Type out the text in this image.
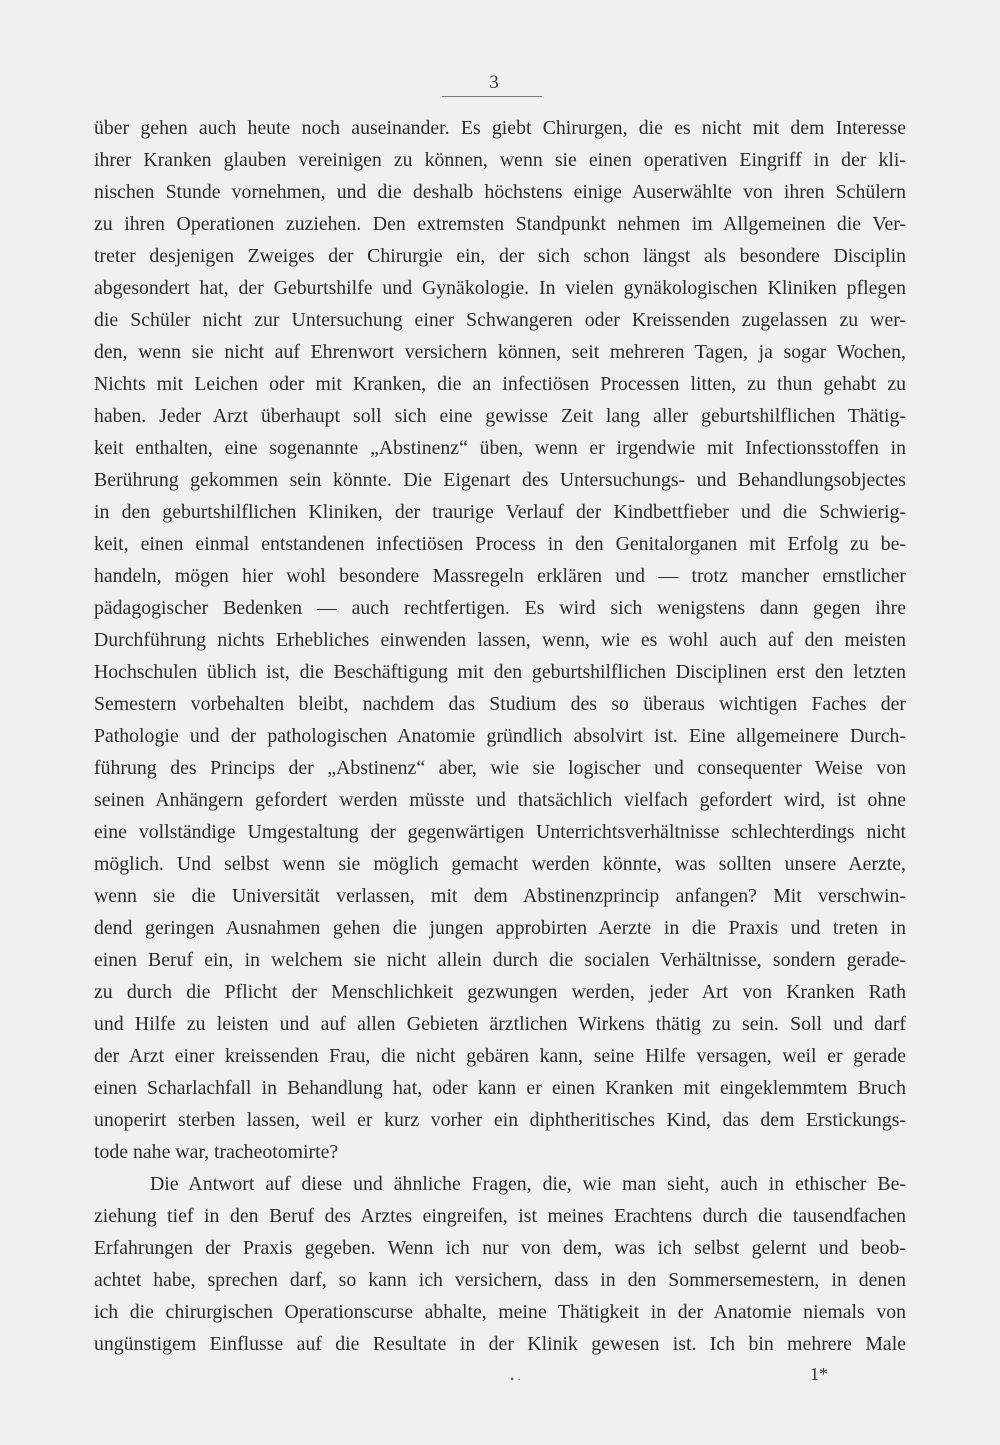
3
über gehen auch heute noch auseinander. Es giebt Chirurgen, die es nicht mit dem Interesse
ihrer Kranken glauben vereinigen zu können, wenn sie einen operativen Eingriff in der kli-
nischen Stunde vornehmen, und die deshalb höchstens einige Auserwählte von ihren Schülern
zu ihren Operationen zuziehen. Den extremsten Standpunkt nehmen im Allgemeinen die Ver-
treter desjenigen Zweiges der Chirurgie ein, der sich schon längst als besondere Disciplin
abgesondert hat, der Geburtshilfe und Gynäkologie. In vielen gynäkologischen Kliniken pflegen
die Schüler nicht zur Untersuchung einer Schwangeren oder Kreissenden zugelassen zu wer-
den, wenn sie nicht auf Ehrenwort versichern können, seit mehreren Tagen, ja sogar Wochen,
Nichts mit Leichen oder mit Kranken, die an infectiösen Processen litten, zu thun gehabt zu
haben. Jeder Arzt überhaupt soll sich eine gewisse Zeit lang aller geburtshilflichen Thätig-
keit enthalten, eine sogenannte „Abstinenz“ üben, wenn er irgendwie mit Infectionsstoffen in
Berührung gekommen sein könnte. Die Eigenart des Untersuchungs- und Behandlungsobjectes
in den geburtshilflichen Kliniken, der traurige Verlauf der Kindbettfieber und die Schwierig-
keit, einen einmal entstandenen infectiösen Process in den Genitalorganen mit Erfolg zu be-
handeln, mögen hier wohl besondere Massregeln erklären und — trotz mancher ernstlicher
pädagogischer Bedenken — auch rechtfertigen. Es wird sich wenigstens dann gegen ihre
Durchführung nichts Erhebliches einwenden lassen, wenn, wie es wohl auch auf den meisten
Hochschulen üblich ist, die Beschäftigung mit den geburtshilflichen Disciplinen erst den letzten
Semestern vorbehalten bleibt, nachdem das Studium des so überaus wichtigen Faches der
Pathologie und der pathologischen Anatomie gründlich absolvirt ist. Eine allgemeinere Durch-
führung des Princips der „Abstinenz“ aber, wie sie logischer und consequenter Weise von
seinen Anhängern gefordert werden müsste und thatsächlich vielfach gefordert wird, ist ohne
eine vollständige Umgestaltung der gegenwärtigen Unterrichtsverhältnisse schlechterdings nicht
möglich. Und selbst wenn sie möglich gemacht werden könnte, was sollten unsere Aerzte,
wenn sie die Universität verlassen, mit dem Abstinenzprincip anfangen? Mit verschwin-
dend geringen Ausnahmen gehen die jungen approbirten Aerzte in die Praxis und treten in
einen Beruf ein, in welchem sie nicht allein durch die socialen Verhältnisse, sondern gerade-
zu durch die Pflicht der Menschlichkeit gezwungen werden, jeder Art von Kranken Rath
und Hilfe zu leisten und auf allen Gebieten ärztlichen Wirkens thätig zu sein. Soll und darf
der Arzt einer kreissenden Frau, die nicht gebären kann, seine Hilfe versagen, weil er gerade
einen Scharlachfall in Behandlung hat, oder kann er einen Kranken mit eingeklemmtem Bruch
unoperirt sterben lassen, weil er kurz vorher ein diphtheritisches Kind, das dem Erstickungs-
tode nahe war, tracheotomirte?
Die Antwort auf diese und ähnliche Fragen, die, wie man sieht, auch in ethischer Be-
ziehung tief in den Beruf des Arztes eingreifen, ist meines Erachtens durch die tausendfachen
Erfahrungen der Praxis gegeben. Wenn ich nur von dem, was ich selbst gelernt und beob-
achtet habe, sprechen darf, so kann ich versichern, dass in den Sommersemestern, in denen
ich die chirurgischen Operationscurse abhalte, meine Thätigkeit in der Anatomie niemals von
ungünstigem Einflusse auf die Resultate in der Klinik gewesen ist. Ich bin mehrere Male
• ·	1*
